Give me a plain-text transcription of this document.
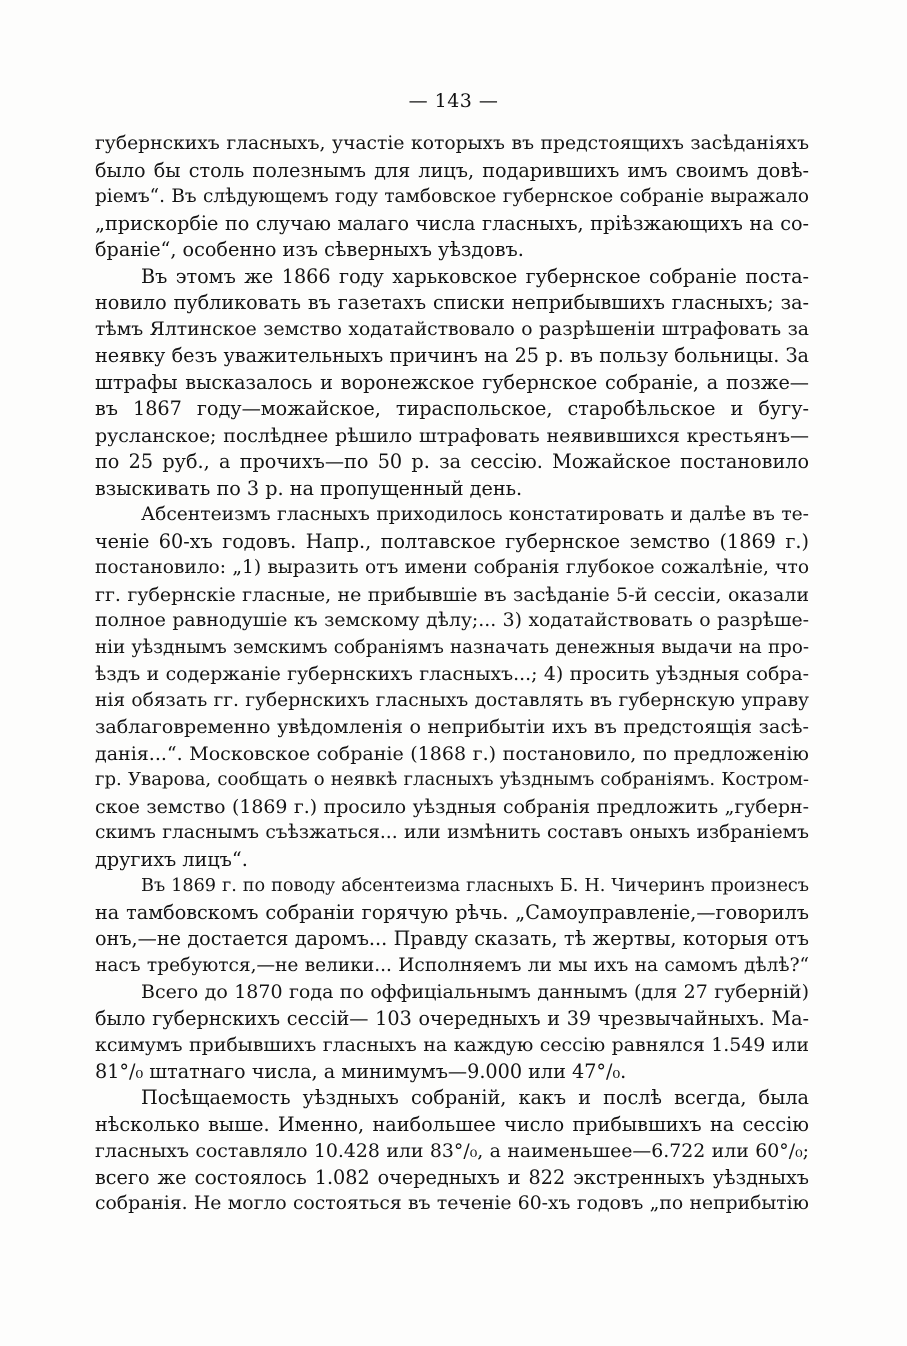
— 143 —
губернскихъ гласныхъ, участіе которыхъ въ предстоящихъ засѣданіяхъ
было бы столь полезнымъ для лицъ, подарившихъ имъ своимъ довѣ-
ріемъ“. Въ слѣдующемъ году тамбовское губернское собраніе выражало
„прискорбіе по случаю малаго числа гласныхъ, пріѣзжающихъ на со-
браніе“, особенно изъ сѣверныхъ уѣздовъ.
Въ этомъ же 1866 году харьковское губернское собраніе поста-
новило публиковать въ газетахъ списки неприбывшихъ гласныхъ; за-
тѣмъ Ялтинское земство ходатайствовало о разрѣшеніи штрафовать за
неявку безъ уважительныхъ причинъ на 25 р. въ пользу больницы. За
штрафы высказалось и воронежское губернское собраніе, а позже—
въ 1867 году—можайское, тираспольское, старобѣльское и бугу-
русланское; послѣднее рѣшило штрафовать неявившихся крестьянъ—
по 25 руб., а прочихъ—по 50 р. за сессію. Можайское постановило
взыскивать по 3 р. на пропущенный день.
Абсентеизмъ гласныхъ приходилось констатировать и далѣе въ те-
ченіе 60-хъ годовъ. Напр., полтавское губернское земство (1869 г.)
постановило: „1) выразить отъ имени собранія глубокое сожалѣніе, что
гг. губернскіе гласные, не прибывшіе въ засѣданіе 5-й сессіи, оказали
полное равнодушіе къ земскому дѣлу;... 3) ходатайствовать о разрѣше-
ніи уѣзднымъ земскимъ собраніямъ назначать денежныя выдачи на про-
ѣздъ и содержаніе губернскихъ гласныхъ...; 4) просить уѣздныя собра-
нія обязать гг. губернскихъ гласныхъ доставлять въ губернскую управу
заблаговременно увѣдомленія о неприбытіи ихъ въ предстоящія засѣ-
данія...“. Московское собраніе (1868 г.) постановило, по предложенію
гр. Уварова, сообщать о неявкѣ гласныхъ уѣзднымъ собраніямъ. Костром-
ское земство (1869 г.) просило уѣздныя собранія предложить „губерн-
скимъ гласнымъ съѣзжаться... или измѣнить составъ оныхъ избраніемъ
другихъ лицъ“.
Въ 1869 г. по поводу абсентеизма гласныхъ Б. Н. Чичеринъ произнесъ
на тамбовскомъ собраніи горячую рѣчь. „Самоуправленіе,—говорилъ
онъ,—не достается даромъ... Правду сказать, тѣ жертвы, которыя отъ
насъ требуются,—не велики... Исполняемъ ли мы ихъ на самомъ дѣлѣ?“
Всего до 1870 года по оффиціальнымъ даннымъ (для 27 губерній)
было губернскихъ сессій— 103 очередныхъ и 39 чрезвычайныхъ. Ма-
ксимумъ прибывшихъ гласныхъ на каждую сессію равнялся 1.549 или
81°/₀ штатнаго числа, а минимумъ—9.000 или 47°/₀.
Посѣщаемость уѣздныхъ собраній, какъ и послѣ всегда, была
нѣсколько выше. Именно, наибольшее число прибывшихъ на сессію
гласныхъ составляло 10.428 или 83°/₀, а наименьшее—6.722 или 60°/₀;
всего же состоялось 1.082 очередныхъ и 822 экстренныхъ уѣздныхъ
собранія. Не могло состояться въ теченіе 60-хъ годовъ „по неприбытію
